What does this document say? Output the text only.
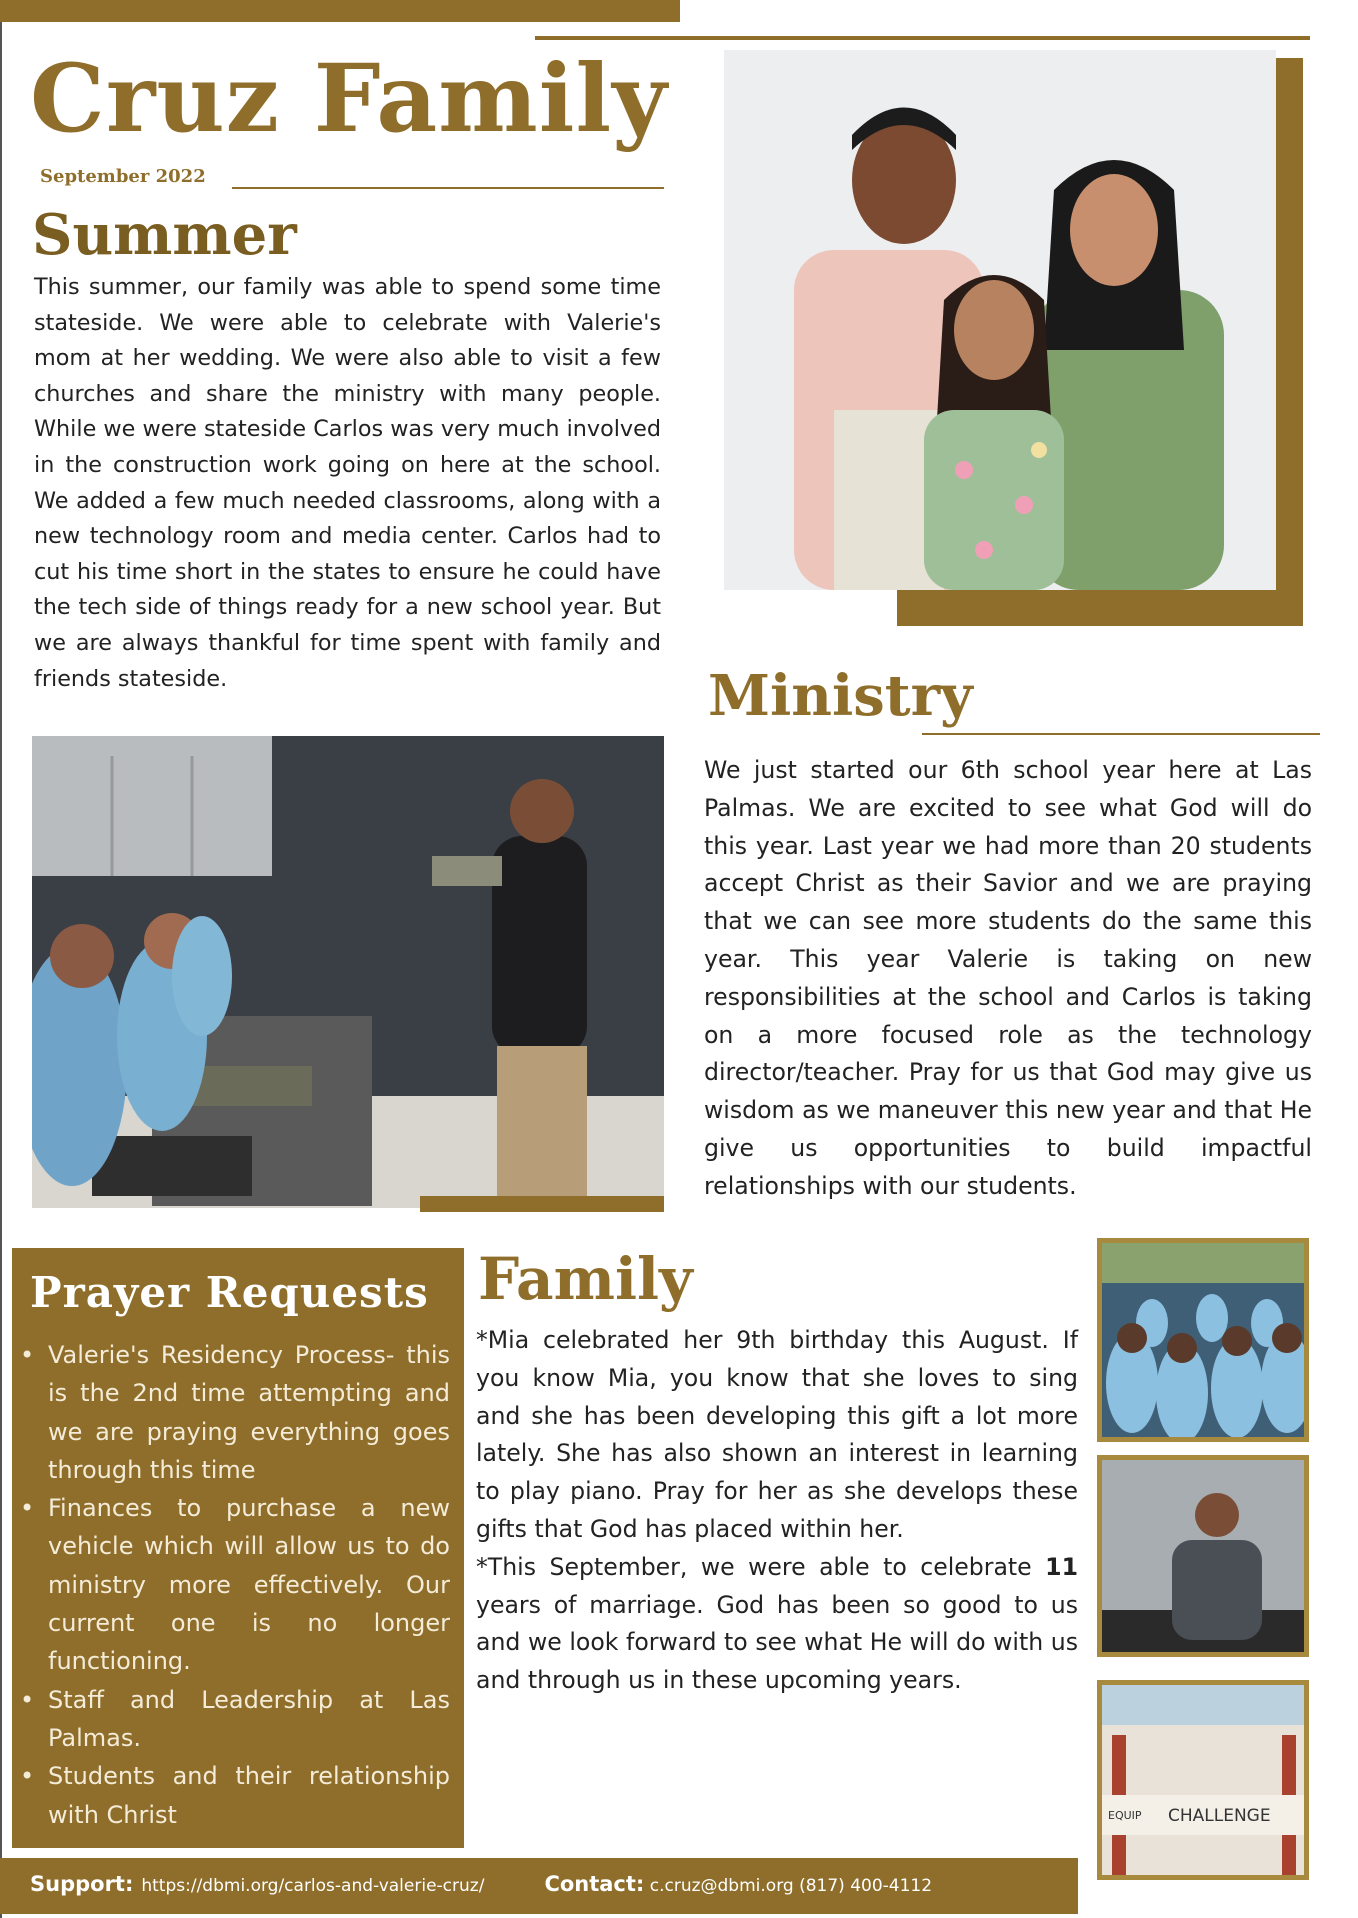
Cruz Family
September 2022
Summer

This summer, our family was able to spend some time stateside. We were able to celebrate with Valerie's mom at her wedding. We were also able to visit a few churches and share the ministry with many people. While we were stateside Carlos was very much involved in the construction work going on here at the school. We added a few much needed classrooms, along with a new technology room and media center. Carlos had to cut his time short in the states to ensure he could have the tech side of things ready for a new school year. But we are always thankful for time spent with family and friends stateside.	Ministry

We just started our 6th school year here at Las Palmas. We are excited to see what God will do this year. Last year we had more than 20 students accept Christ as their Savior and we are praying that we can see more students do the same this year. This year Valerie is taking on new responsibilities at the school and Carlos is taking on a more focused role as the technology director/teacher. Pray for us that God may give us wisdom as we maneuver this new year and that He give us opportunities to build impactful relationships with our students.

Prayer Requests
• Valerie's Residency Process- this is the 2nd time attempting and we are praying everything goes through this time
• Finances to purchase a new vehicle which will allow us to do ministry more effectively. Our current one is no longer functioning.
• Staff and Leadership at Las Palmas.
• Students and their relationship with Christ
Family

*Mia celebrated her 9th birthday this August. If you know Mia, you know that she loves to sing and she has been developing this gift a lot more lately. She has also shown an interest in learning to play piano. Pray for her as she develops these gifts that God has placed within her.

*This September, we were able to celebrate 11 years of marriage. God has been so good to us and we look forward to see what He will do with us and through us in these upcoming years.

EQUIP CHALLENGE
Support: https://dbmi.org/carlos-and-valerie-cruz/	Contact: c.cruz@dbmi.org (817) 400-4112
